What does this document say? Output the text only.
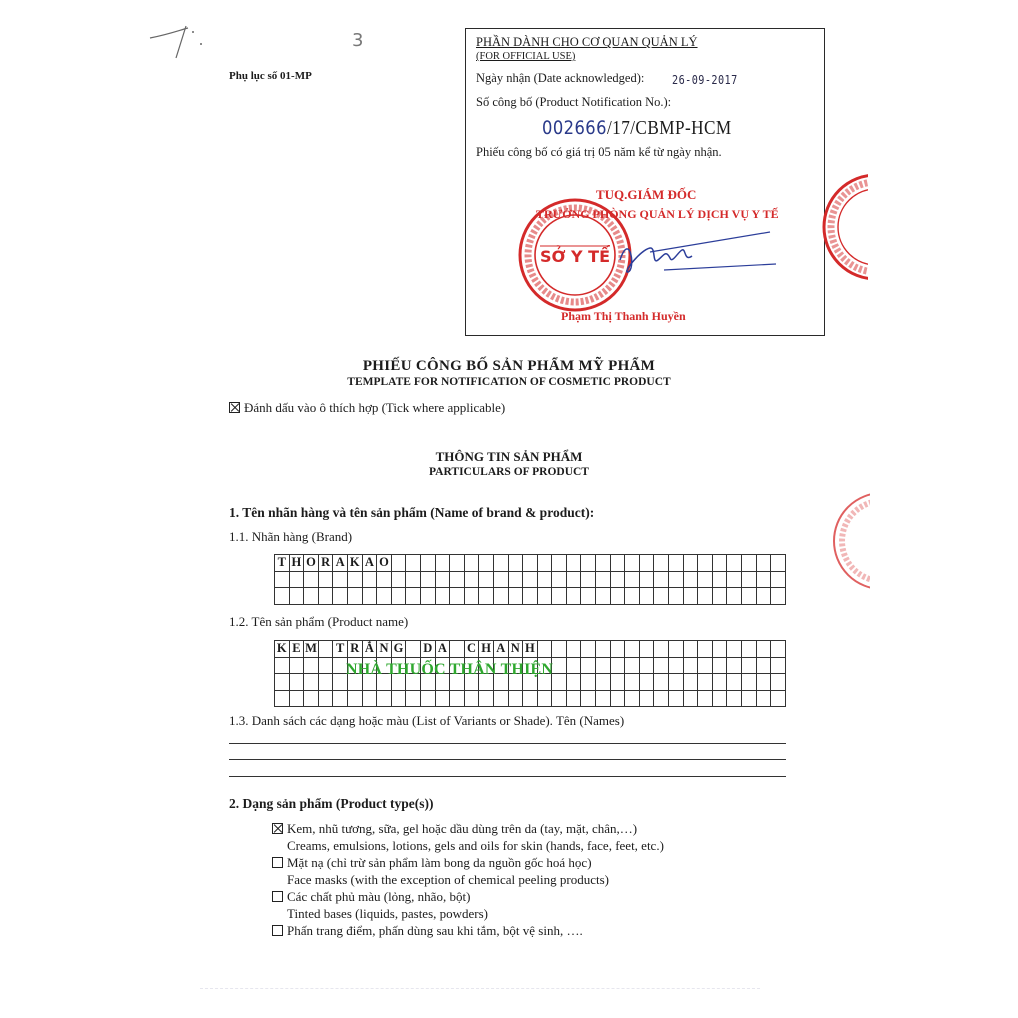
3
Phụ lục số 01-MP
PHẦN DÀNH CHO CƠ QUAN QUẢN LÝ
(FOR OFFICIAL USE)
Ngày nhận (Date acknowledged): 26-09-2017
Số công bố (Product Notification No.):
002666/17/CBMP-HCM
Phiếu công bố có giá trị 05 năm kể từ ngày nhận.
TUQ.GIÁM ĐỐC
TRƯỞNG PHÒNG QUẢN LÝ DỊCH VỤ Y TẾ
Phạm Thị Thanh Huyền
SỞ Y TẾ
PHIẾU CÔNG BỐ SẢN PHẨM MỸ PHẨM
TEMPLATE FOR NOTIFICATION OF COSMETIC PRODUCT
Đánh dấu vào ô thích hợp (Tick where applicable)
THÔNG TIN SẢN PHẨM
PARTICULARS OF PRODUCT
1. Tên nhãn hàng và tên sản phẩm (Name of brand & product):
1.1. Nhãn hàng (Brand)
T	H	O	R	A	K	A	O																											

1.2. Tên sản phẩm (Product name)
K	E	M		T	R	Ắ	N	G		D	A		C	H	A	N	H																	

NHÀ THUỐC THÂN THIỆN
1.3. Danh sách các dạng hoặc màu (List of Variants or Shade). Tên (Names)
2. Dạng sản phẩm (Product type(s))
Kem, nhũ tương, sữa, gel hoặc dầu dùng trên da (tay, mặt, chân,…)
Creams, emulsions, lotions, gels and oils for skin (hands, face, feet, etc.)
Mặt nạ (chỉ trừ sản phẩm làm bong da nguồn gốc hoá học)
Face masks (with the exception of chemical peeling products)
Các chất phủ màu (lỏng, nhão, bột)
Tinted bases (liquids, pastes, powders)
Phấn trang điểm, phấn dùng sau khi tắm, bột vệ sinh, ….
